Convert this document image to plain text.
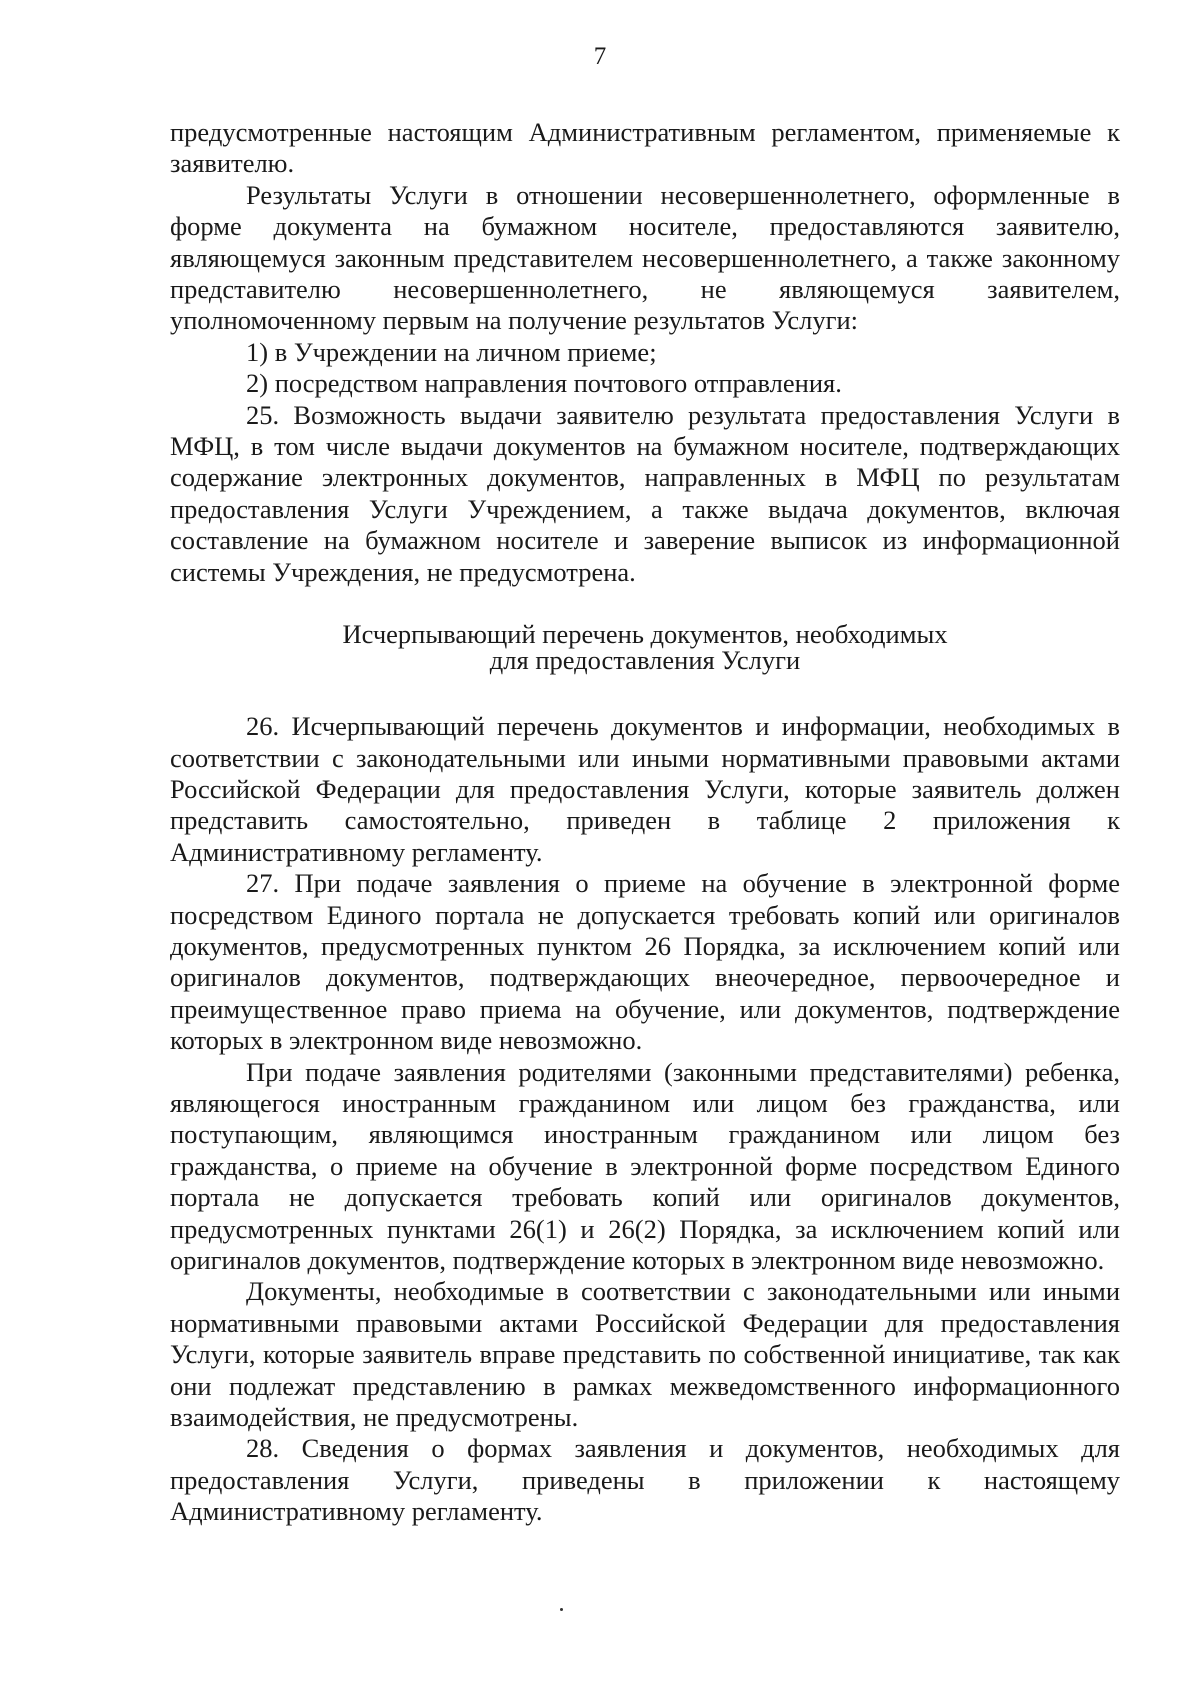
7

предусмотренные настоящим Административным регламентом, применяемые к заявителю.

Результаты Услуги в отношении несовершеннолетнего, оформленные в форме документа на бумажном носителе, предоставляются заявителю, являющемуся законным представителем несовершеннолетнего, а также законному представителю несовершеннолетнего, не являющемуся заявителем, уполномоченному первым на получение результатов Услуги:

1) в Учреждении на личном приеме;

2) посредством направления почтового отправления.

25. Возможность выдачи заявителю результата предоставления Услуги в МФЦ, в том числе выдачи документов на бумажном носителе, подтверждающих содержание электронных документов, направленных в МФЦ по результатам предоставления Услуги Учреждением, а также выдача документов, включая составление на бумажном носителе и заверение выписок из информационной системы Учреждения, не предусмотрена.

Исчерпывающий перечень документов, необходимых
для предоставления Услуги

26. Исчерпывающий перечень документов и информации, необходимых в соответствии с законодательными или иными нормативными правовыми актами Российской Федерации для предоставления Услуги, которые заявитель должен представить самостоятельно, приведен в таблице 2 приложения к Административному регламенту.

27. При подаче заявления о приеме на обучение в электронной форме посредством Единого портала не допускается требовать копий или оригиналов документов, предусмотренных пунктом 26 Порядка, за исключением копий или оригиналов документов, подтверждающих внеочередное, первоочередное и преимущественное право приема на обучение, или документов, подтверждение которых в электронном виде невозможно.

При подаче заявления родителями (законными представителями) ребенка, являющегося иностранным гражданином или лицом без гражданства, или поступающим, являющимся иностранным гражданином или лицом без гражданства, о приеме на обучение в электронной форме посредством Единого портала не допускается требовать копий или оригиналов документов, предусмотренных пунктами 26(1) и 26(2) Порядка, за исключением копий или оригиналов документов, подтверждение которых в электронном виде невозможно.

Документы, необходимые в соответствии с законодательными или иными нормативными правовыми актами Российской Федерации для предоставления Услуги, которые заявитель вправе представить по собственной инициативе, так как они подлежат представлению в рамках межведомственного информационного взаимодействия, не предусмотрены.

28. Сведения о формах заявления и документов, необходимых для предоставления Услуги, приведены в приложении к настоящему Административному регламенту.
